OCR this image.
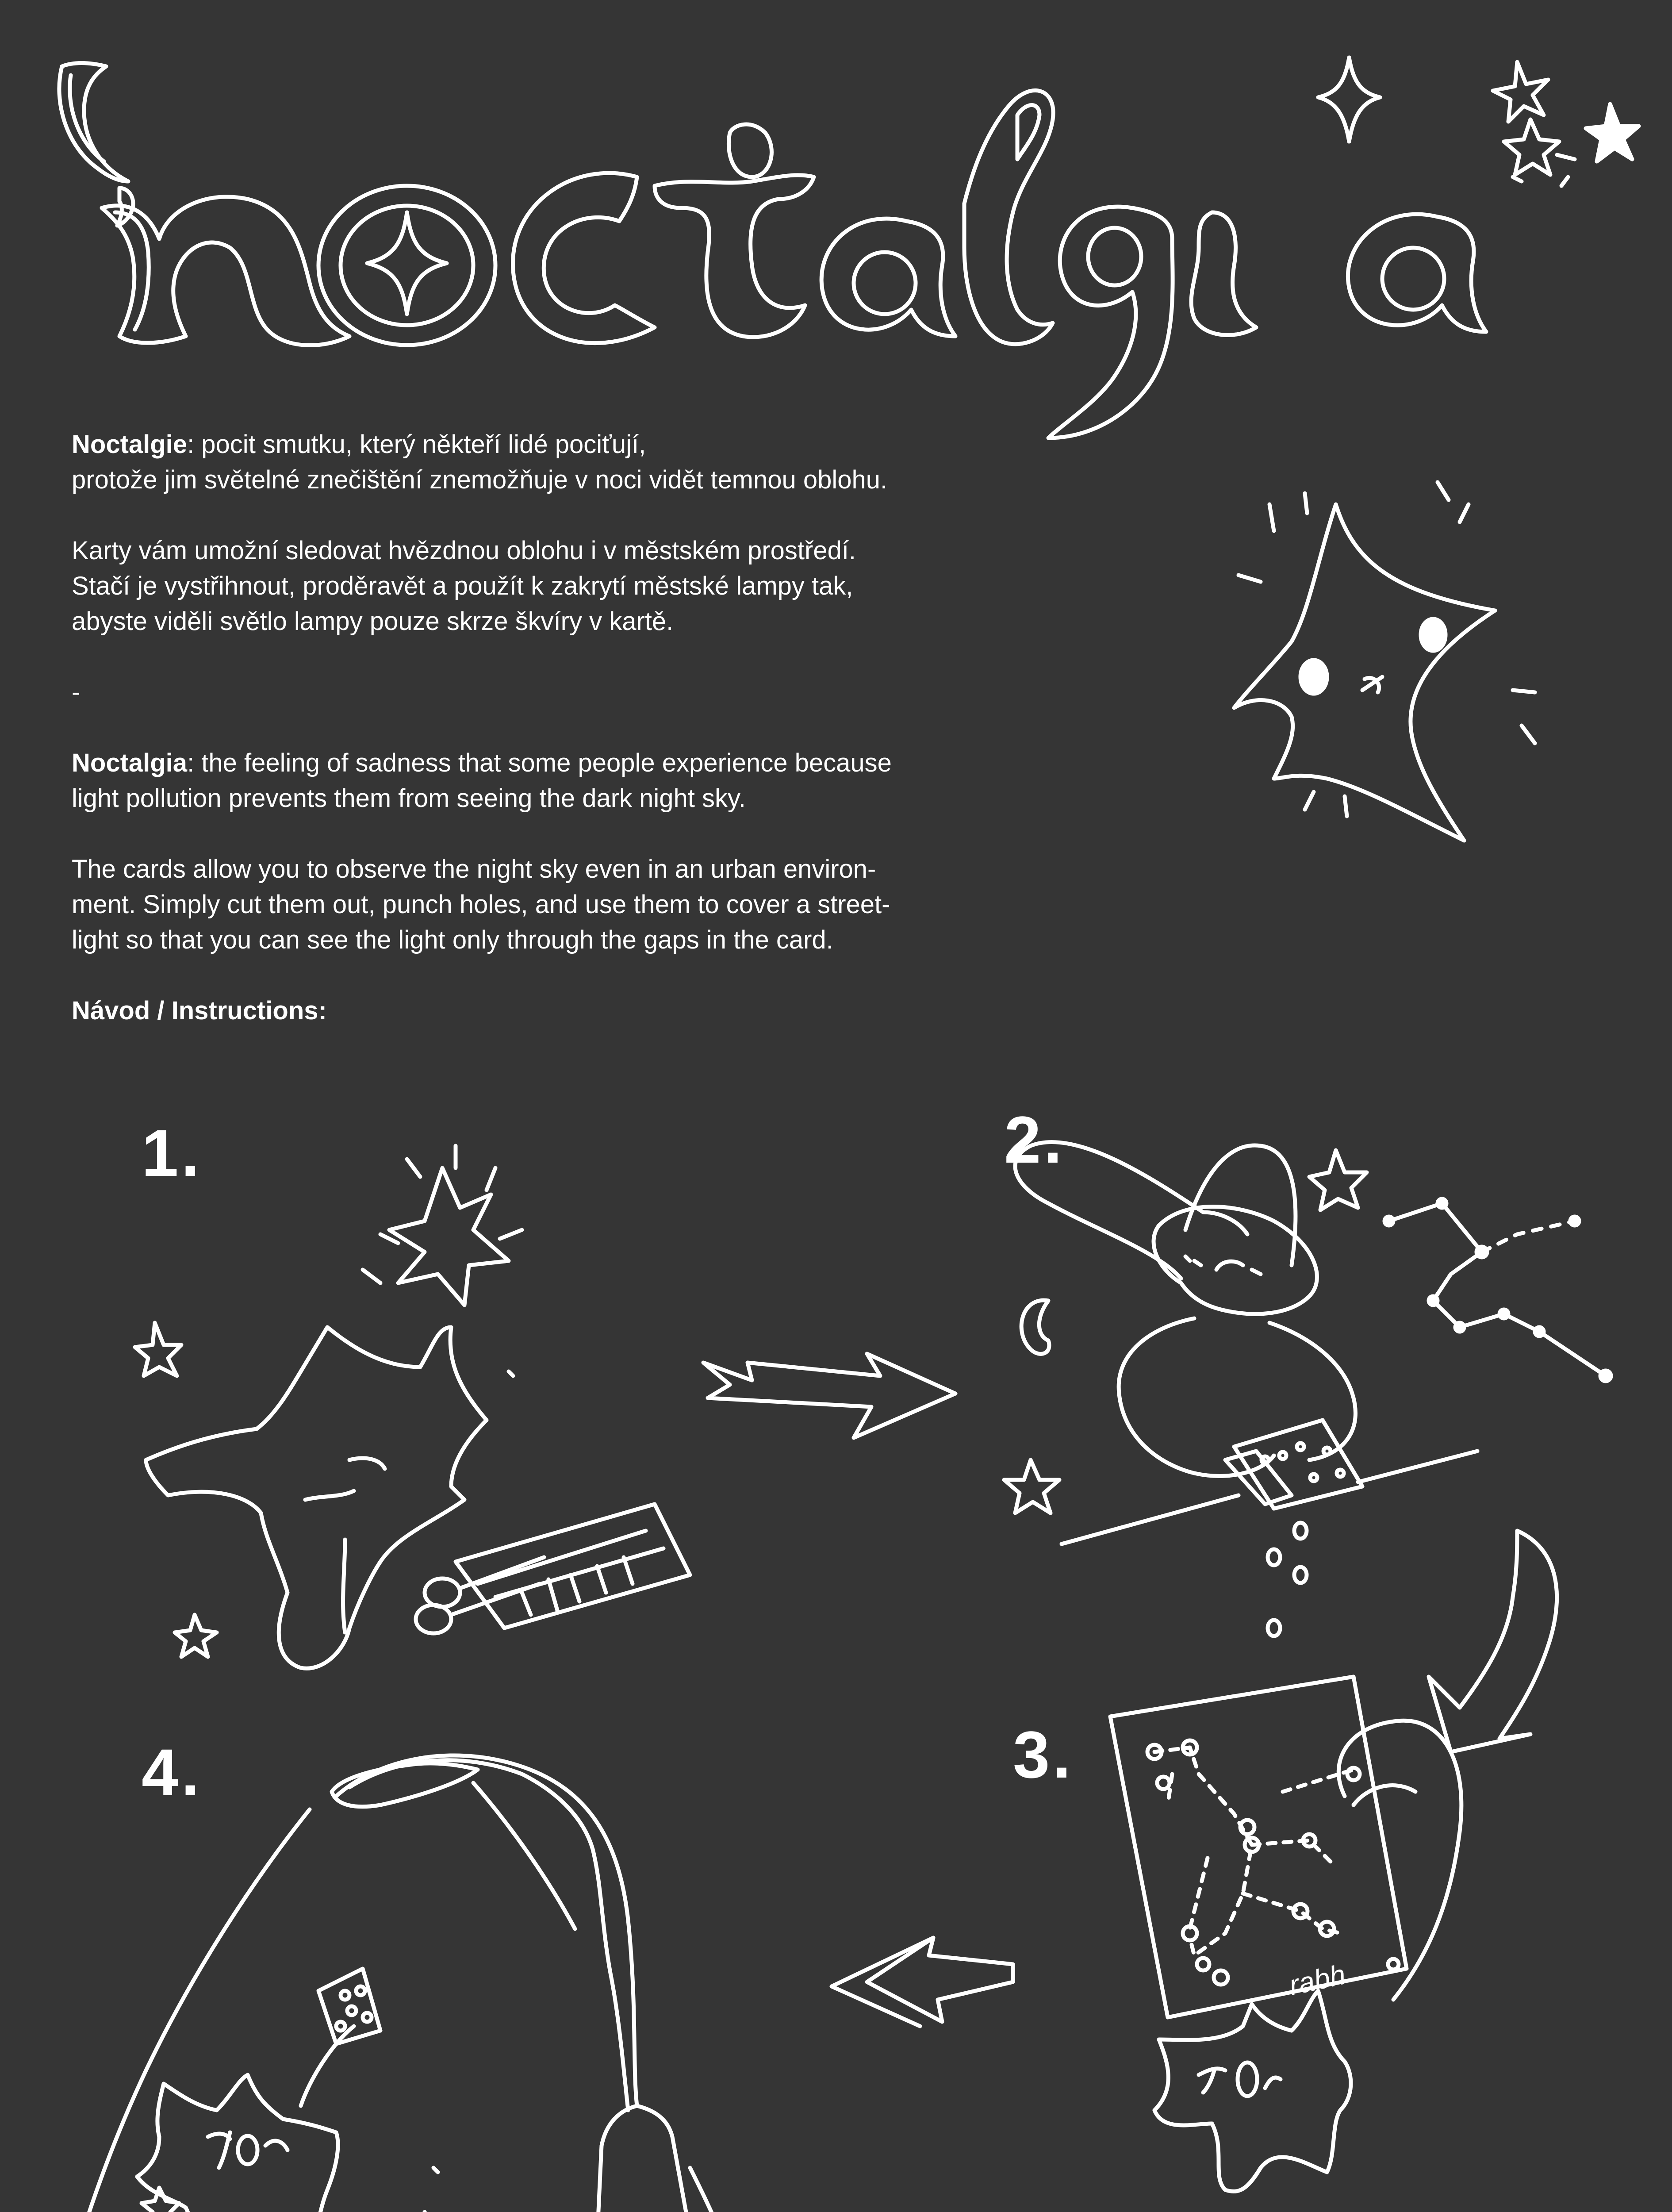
rabh

Noctalgie: pocit smutku, který někteří lidé pociťují,

protože jim světelné znečištění znemožňuje v noci vidět temnou oblohu.

Karty vám umožní sledovat hvězdnou oblohu i v městském prostředí.

Stačí je vystřihnout, proděravět a použít k zakrytí městské lampy tak,

abyste viděli světlo lampy pouze skrze škvíry v kartě.

-

Noctalgia: the feeling of sadness that some people experience because

light pollution prevents them from seeing the dark night sky.

The cards allow you to observe the night sky even in an urban environ-

ment. Simply cut them out, punch holes, and use them to cover a street-

light so that you can see the light only through the gaps in the card.

Návod / Instructions:

1.	2.
3.
4.
